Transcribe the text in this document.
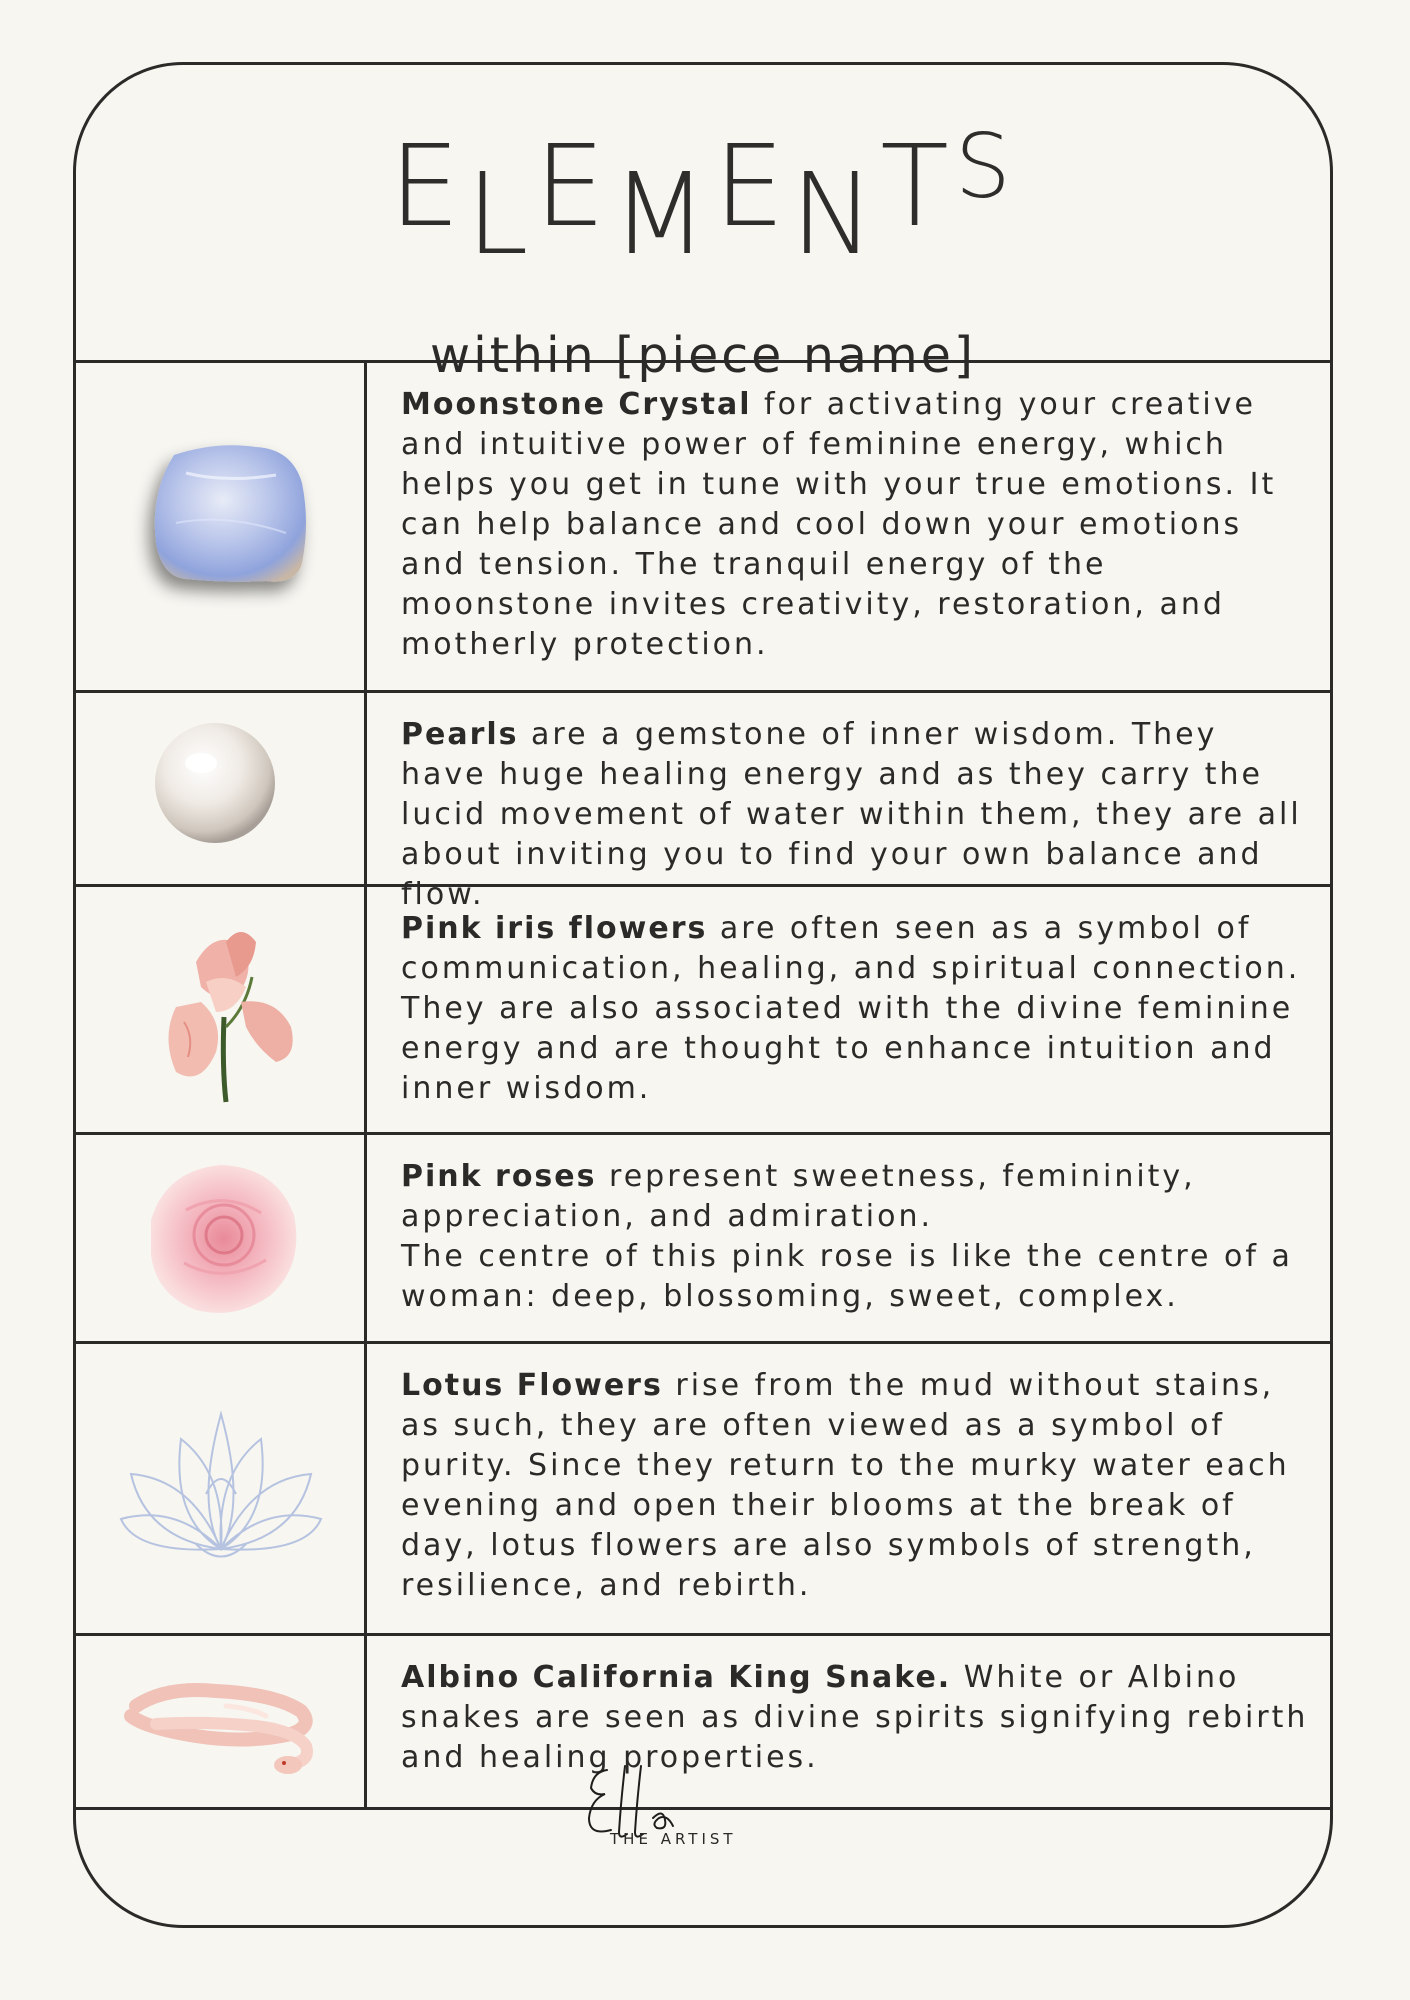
ELEMENTS
within [piece name]
Moonstone Crystal for activating your creative and intuitive power of feminine energy, which helps you get in tune with your true emotions. It can help balance and cool down your emotions and tension. The tranquil energy of the moonstone invites creativity, restoration, and motherly protection.
Pearls are a gemstone of inner wisdom. They have huge healing energy and as they carry the lucid movement of water within them, they are all about inviting you to find your own balance and flow.
Pink iris flowers are often seen as a symbol of communication, healing, and spiritual connection. They are also associated with the divine feminine energy and are thought to enhance intuition and inner wisdom.
Pink roses represent sweetness, femininity, appreciation, and admiration.
The centre of this pink rose is like the centre of a woman: deep, blossoming, sweet, complex.
Lotus Flowers rise from the mud without stains, as such, they are often viewed as a symbol of purity. Since they return to the murky water each evening and open their blooms at the break of day, lotus flowers are also symbols of strength, resilience, and rebirth.
Albino California King Snake. White or Albino snakes are seen as divine spirits signifying rebirth and healing properties.
THE ARTIST
